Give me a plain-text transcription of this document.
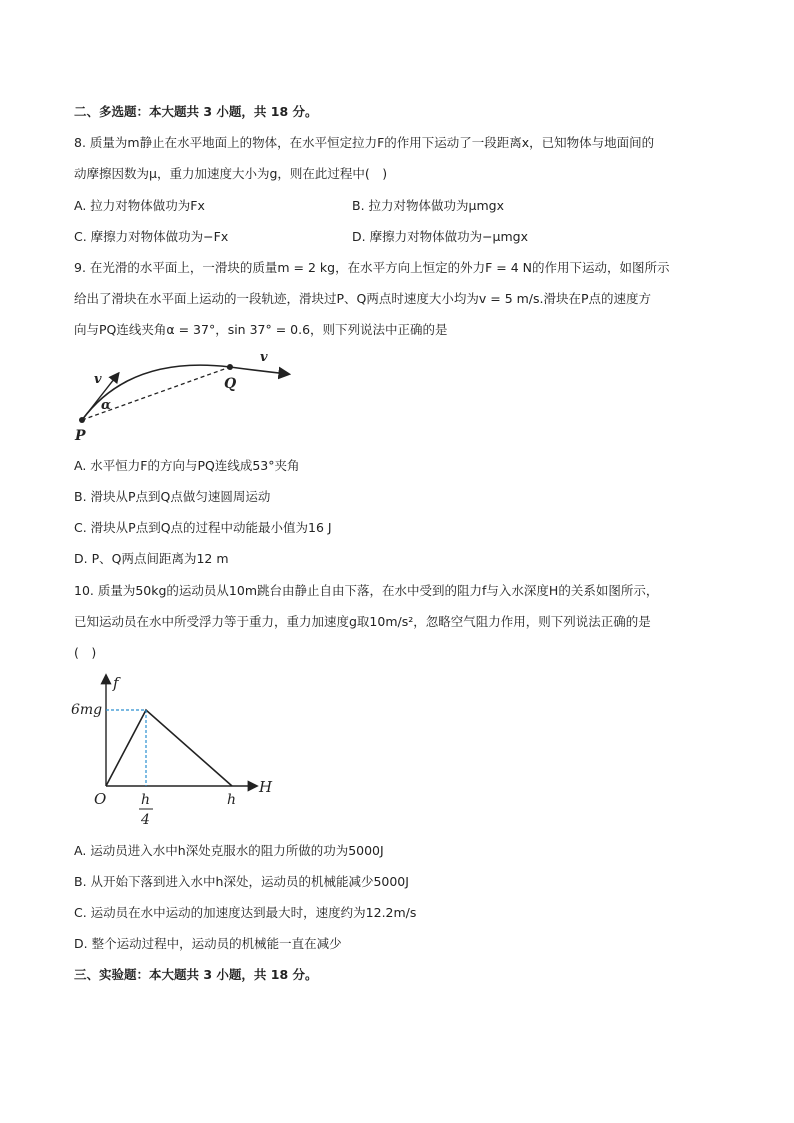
二、多选题：本大题共 3 小题，共 18 分。
8. 质量为m静止在水平地面上的物体，在水平恒定拉力F的作用下运动了一段距离x，已知物体与地面间的
动摩擦因数为μ，重力加速度大小为g，则在此过程中(　)
A. 拉力对物体做功为Fx	B. 拉力对物体做功为μmgx
C. 摩擦力对物体做功为−Fx	D. 摩擦力对物体做功为−μmgx
9. 在光滑的水平面上，一滑块的质量m = 2 kg，在水平方向上恒定的外力F = 4 N的作用下运动，如图所示
给出了滑块在水平面上运动的一段轨迹，滑块过P、Q两点时速度大小均为v = 5 m/s.滑块在P点的速度方
向与PQ连线夹角α = 37°，sin 37° = 0.6，则下列说法中正确的是
v
α
P
Q
v
A. 水平恒力F的方向与PQ连线成53°夹角
B. 滑块从P点到Q点做匀速圆周运动
C. 滑块从P点到Q点的过程中动能最小值为16 J
D. P、Q两点间距离为12 m
10. 质量为50kg的运动员从10m跳台由静止自由下落，在水中受到的阻力f与入水深度H的关系如图所示，
已知运动员在水中所受浮力等于重力，重力加速度g取10m/s²，忽略空气阻力作用，则下列说法正确的是
(　)
f
H
O
6mg
h
4
h
A. 运动员进入水中h深处克服水的阻力所做的功为5000J
B. 从开始下落到进入水中h深处，运动员的机械能减少5000J
C. 运动员在水中运动的加速度达到最大时，速度约为12.2m/s
D. 整个运动过程中，运动员的机械能一直在减少
三、实验题：本大题共 3 小题，共 18 分。
